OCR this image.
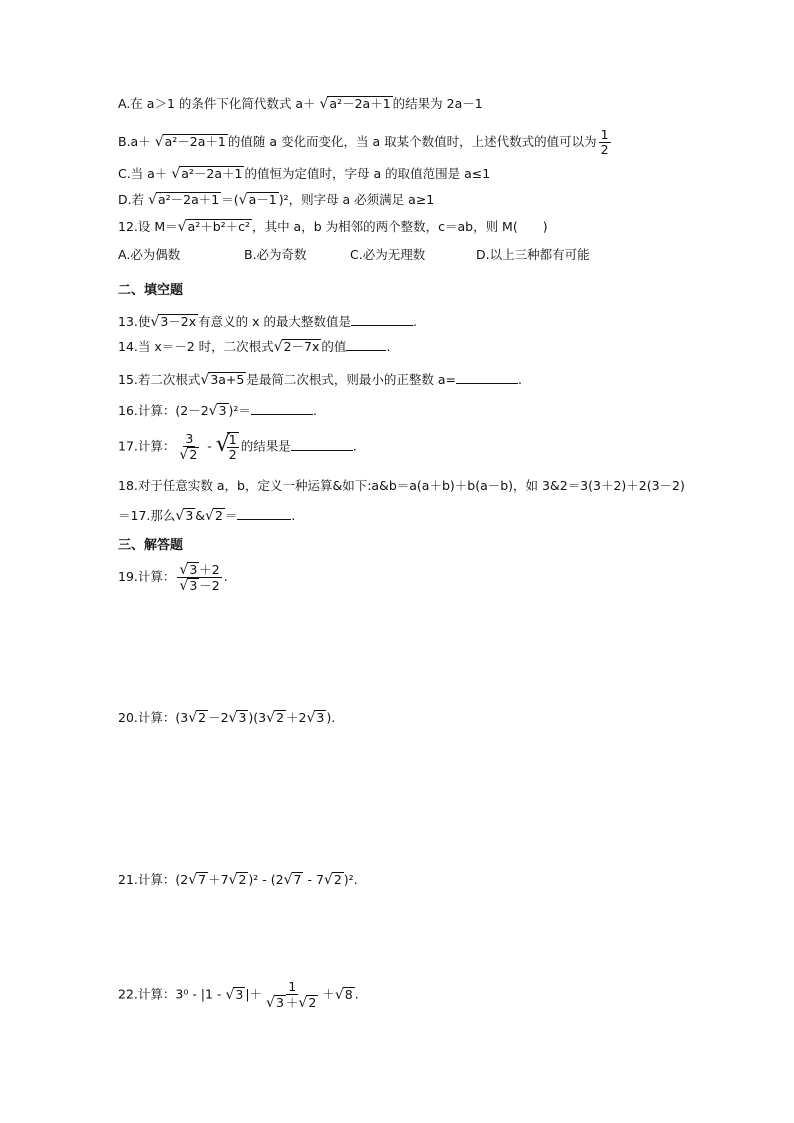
A.在 a＞1 的条件下化简代数式 a＋ √a²－2a＋1 的结果为 2a－1
B.a＋ √a²－2a＋1 的值随 a 变化而变化，当 a 取某个数值时，上述代数式的值可以为 $\frac{1}{2}$
C.当 a＋ √a²－2a＋1 的值恒为定值时，字母 a 的取值范围是 a≤1
D.若 √a²－2a＋1 ＝(√a－1 )²，则字母 a 必须满足 a≥1
12.设 M＝√a²＋b²＋c² ，其中 a，b 为相邻的两个整数，c＝ab，则 M(　　)
A.必为偶数	B.必为奇数	C.必为无理数	D.以上三种都有可能
二、填空题
13.使√3－2x 有意义的 x 的最大整数值是	.
14.当 x＝－2 时，二次根式√2－7x 的值	.
15.若二次根式√3a+5 是最简二次根式，则最小的正整数 a=	.
16.计算：(2－2√3 )²＝	.
17.计算： $\frac{3}{√2}$ - √
$\frac{1}{2}$ 的结果是	.
18.对于任意实数 a，b，定义一种运算&如下:a&b＝a(a＋b)＋b(a－b)，如 3&2＝3(3＋2)＋2(3－2)
＝17.那么√3 &√2 ＝	.
三、解答题
19.计算： $\frac{√3 +2}{√3 -2}$ .
20.计算：(3√2 －2√3 )(3√2 ＋2√3 ).
21.计算：(2√7 ＋7√2 )² - (2√7 - 7√2 )².
22.计算：3⁰ - |1 - √3 |＋ $\frac{1}{√3 +√2} +√8$ .
